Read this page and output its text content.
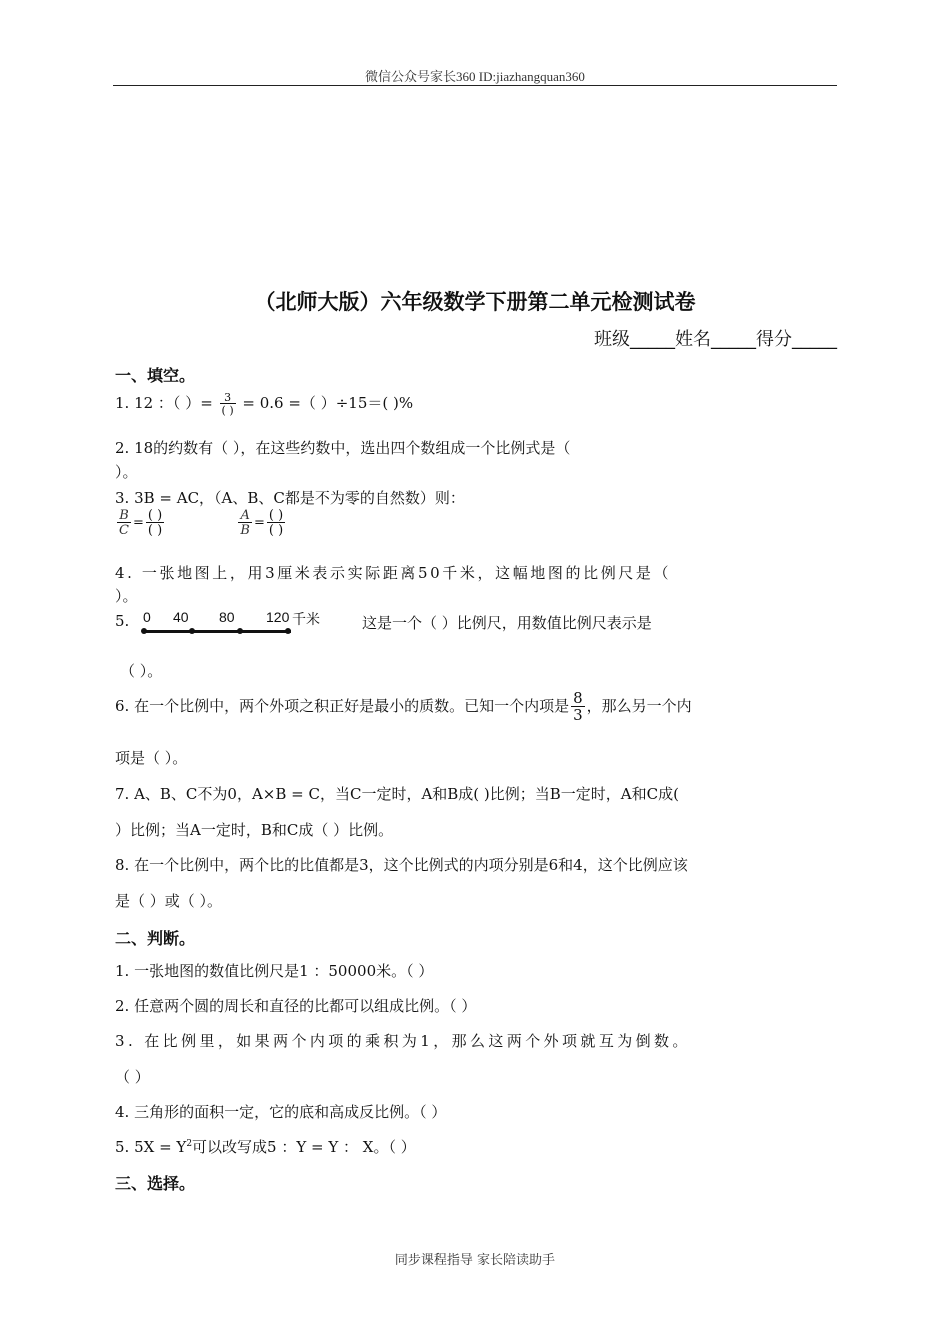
微信公众号家长360 ID:jiazhangquan360
（北师大版）六年级数学下册第二单元检测试卷
班级_____姓名_____得分_____
一、填空。
1. 12 ：（ ）= $\frac{3}{( )} = 0.6$ =（ ）÷15＝( )%
2. 18的约数有（ ），在这些约数中，选出四个数组成一个比例式是（
）。
3. 3B = AC，（A、B、C都是不为零的自然数）则：
$\frac{B}{C} = \frac{( )}{( )}$
	$\frac{A}{B} = \frac{( )}{( )}$
4. 一张地图上，用3厘米表示实际距离50千米，这幅地图的比例尺是（
）。
5. 0 40 80 120 千米	这是一个（ ）比例尺，用数值比例尺表示是
（ ）。
6. 在一个比例中，两个外项之积正好是最小的质数。已知一个内项是 $\frac{8}{3}$ ，那么另一个内
项是（ ）。
7. A、B、C不为0，A×B = C，当C一定时，A和B成( )比例；当B一定时，A和C成(
）比例；当A一定时，B和C成（ ）比例。
8. 在一个比例中，两个比的比值都是3，这个比例式的内项分别是6和4，这个比例应该
是（ ）或（ ）。
二、判断。
1. 一张地图的数值比例尺是1 ：50000米。（ ）
2. 任意两个圆的周长和直径的比都可以组成比例。（ ）
3. 在比例里，如果两个内项的乘积为1，那么这两个外项就互为倒数。
（ ）
4. 三角形的面积一定，它的底和高成反比例。（ ）
5. $5X = Y^2$可以改写成5 ：Y = Y ： X。（ ）
三、选择。
同步课程指导 家长陪读助手
